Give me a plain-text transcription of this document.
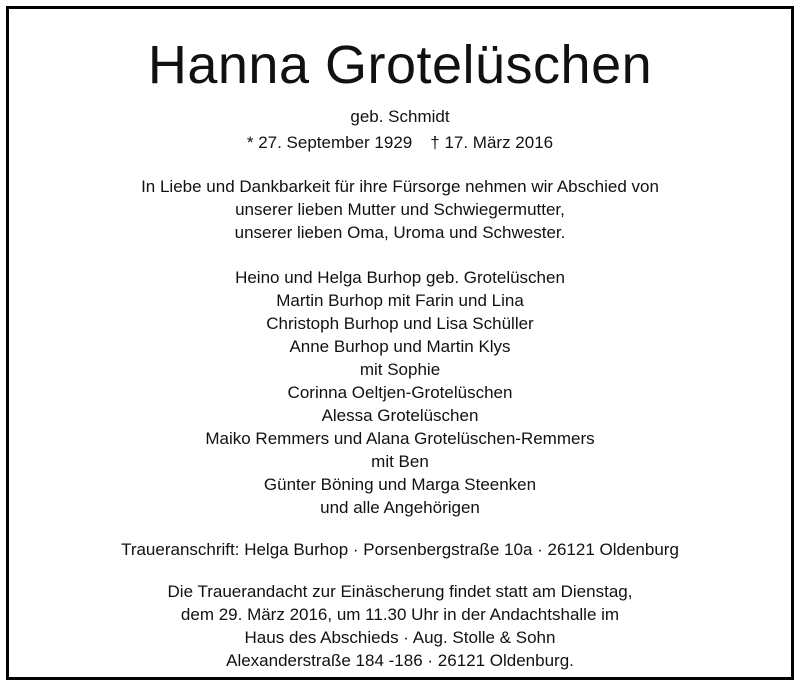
Hanna Grotelüschen
geb. Schmidt
* 27. September 1929 † 17. März 2016
In Liebe und Dankbarkeit für ihre Fürsorge nehmen wir Abschied von
unserer lieben Mutter und Schwiegermutter,
unserer lieben Oma, Uroma und Schwester.
Heino und Helga Burhop geb. Grotelüschen
Martin Burhop mit Farin und Lina
Christoph Burhop und Lisa Schüller
Anne Burhop und Martin Klys
mit Sophie
Corinna Oeltjen-Grotelüschen
Alessa Grotelüschen
Maiko Remmers und Alana Grotelüschen-Remmers
mit Ben
Günter Böning und Marga Steenken
und alle Angehörigen
Traueranschrift: Helga Burhop · Porsenbergstraße 10a · 26121 Oldenburg
Die Trauerandacht zur Einäscherung findet statt am Dienstag,
dem 29. März 2016, um 11.30 Uhr in der Andachtshalle im
Haus des Abschieds · Aug. Stolle & Sohn
Alexanderstraße 184 -186 · 26121 Oldenburg.
